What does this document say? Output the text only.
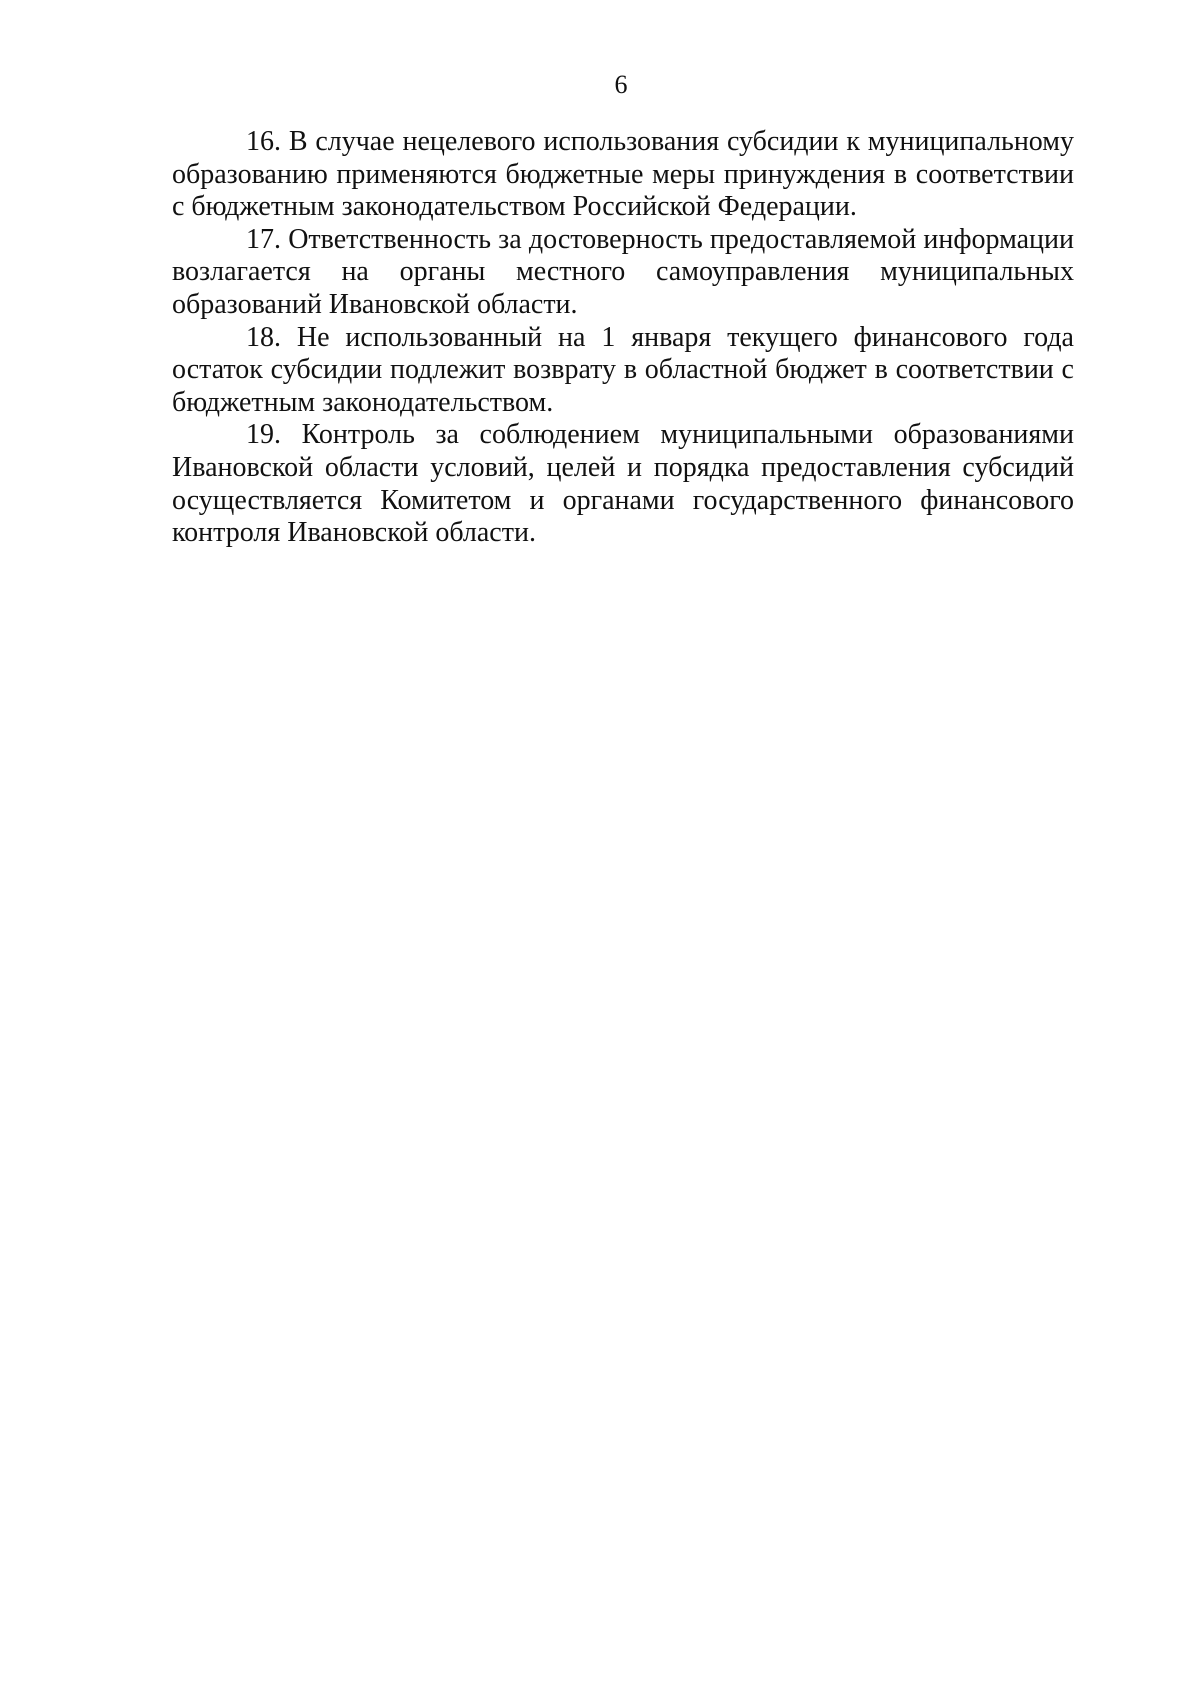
6

16. В случае нецелевого использования субсидии к муниципальному образованию применяются бюджетные меры принуждения в соответствии с бюджетным законодательством Российской Федерации.

17. Ответственность за достоверность предоставляемой информации возлагается на органы местного самоуправления муниципальных образований Ивановской области.

18. Не использованный на 1 января текущего финансового года остаток субсидии подлежит возврату в областной бюджет в соответствии с бюджетным законодательством.

19. Контроль за соблюдением муниципальными образованиями Ивановской области условий, целей и порядка предоставления субсидий осуществляется Комитетом и органами государственного финансового контроля Ивановской области.
